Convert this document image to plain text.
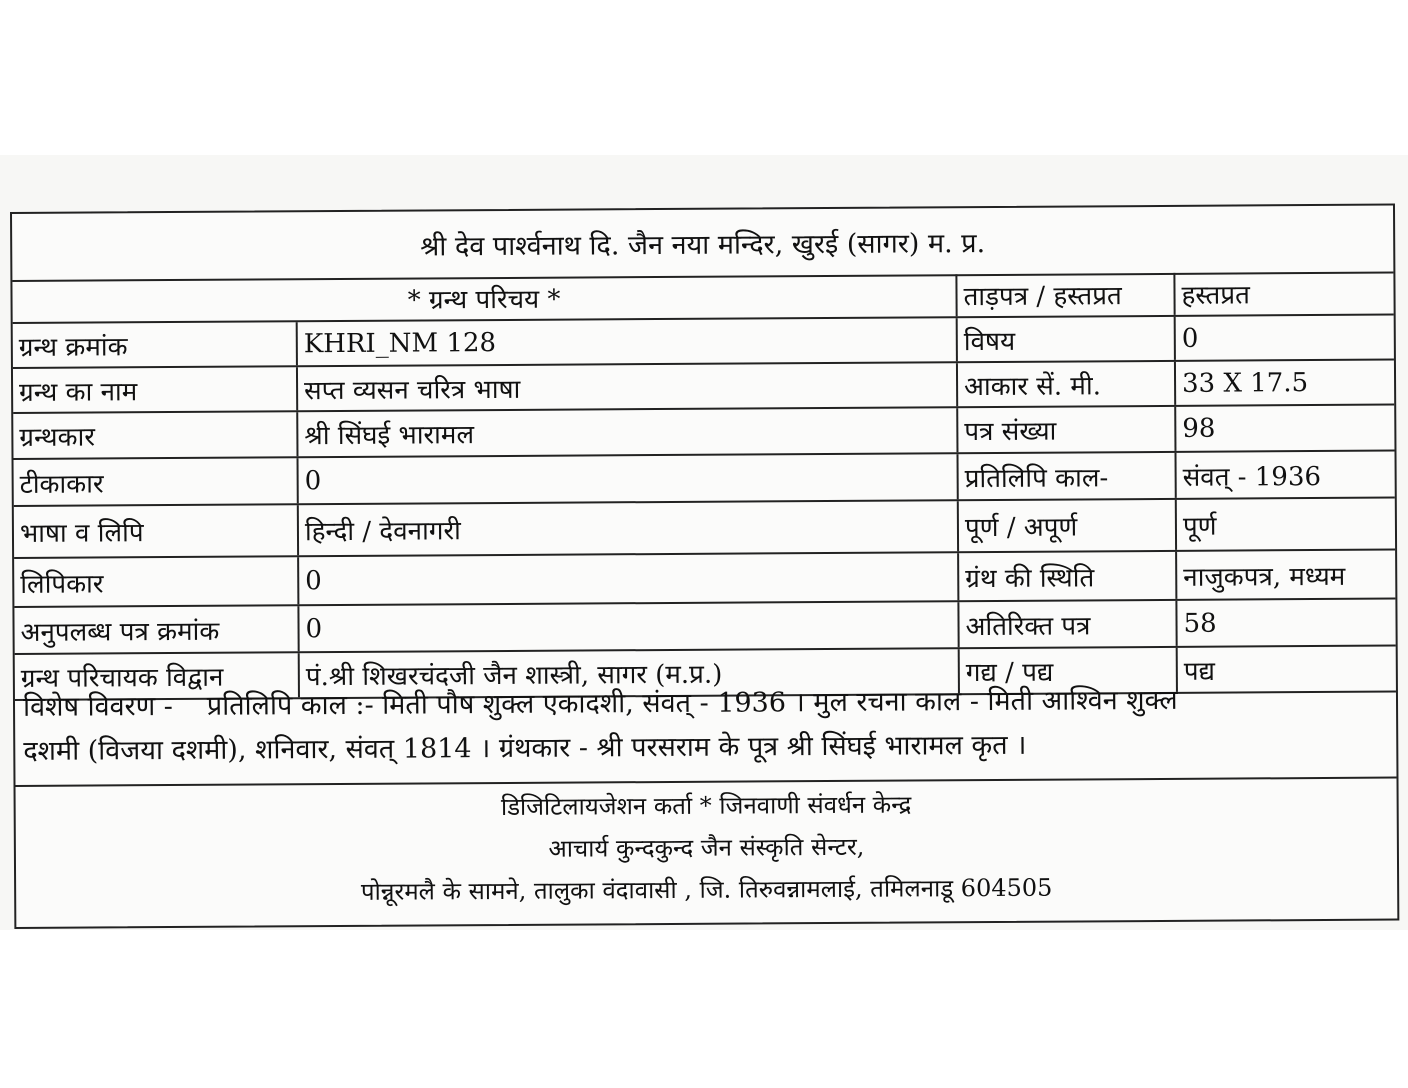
श्री देव पार्श्वनाथ दि. जैन नया मन्दिर, खुरई (सागर) म. प्र.
* ग्रन्थ परिचय *	ताड़पत्र / हस्तप्रत	हस्तप्रत
ग्रन्थ क्रमांक	KHRI_NM 128	विषय	0
ग्रन्थ का नाम	सप्त व्यसन चरित्र भाषा	आकार सें. मी.	33 X 17.5
ग्रन्थकार	श्री सिंघई भारामल	पत्र संख्या	98
टीकाकार	0	प्रतिलिपि काल-	संवत् - 1936
भाषा व लिपि	हिन्दी / देवनागरी	पूर्ण / अपूर्ण	पूर्ण
लिपिकार	0	ग्रंथ की स्थिति	नाजुकपत्र, मध्यम
अनुपलब्ध पत्र क्रमांक	0	अतिरिक्त पत्र	58
ग्रन्थ परिचायक विद्वान	पं.श्री शिखरचंदजी जैन शास्त्री, सागर (म.प्र.)	गद्य / पद्य	पद्य
विशेष विवरण - प्रतिलिपि काल :- मिती पौष शुक्ल एकादशी, संवत् - 1936 । मुल रचना काल - मिती आश्विन शुक्ल
दशमी (विजया दशमी), शनिवार, संवत् 1814 । ग्रंथकार - श्री परसराम के पूत्र श्री सिंघई भारामल कृत ।
डिजिटिलायजेशन कर्ता * जिनवाणी संवर्धन केन्द्र
आचार्य कुन्दकुन्द जैन संस्कृति सेन्टर,
पोन्नूरमलै के सामने, तालुका वंदावासी , जि. तिरुवन्नामलाई, तमिलनाडू 604505
